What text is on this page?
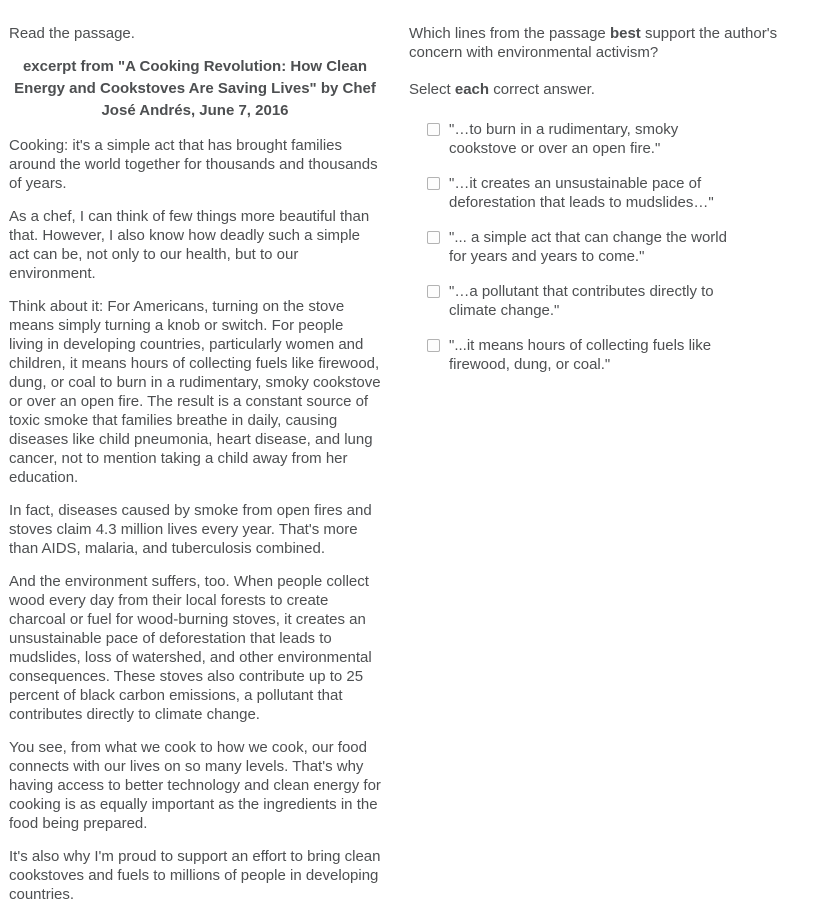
Read the passage.

excerpt from "A Cooking Revolution: How Clean Energy and Cookstoves Are Saving Lives" by Chef José Andrés, June 7, 2016

Cooking: it's a simple act that has brought families around the world together for thousands and thousands of years.

As a chef, I can think of few things more beautiful than that. However, I also know how deadly such a simple act can be, not only to our health, but to our environment.

Think about it: For Americans, turning on the stove means simply turning a knob or switch. For people living in developing countries, particularly women and children, it means hours of collecting fuels like firewood, dung, or coal to burn in a rudimentary, smoky cookstove or over an open fire. The result is a constant source of toxic smoke that families breathe in daily, causing diseases like child pneumonia, heart disease, and lung cancer, not to mention taking a child away from her education.

In fact, diseases caused by smoke from open fires and stoves claim 4.3 million lives every year. That's more than AIDS, malaria, and tuberculosis combined.

And the environment suffers, too. When people collect wood every day from their local forests to create charcoal or fuel for wood-burning stoves, it creates an unsustainable pace of deforestation that leads to mudslides, loss of watershed, and other environmental consequences. These stoves also contribute up to 25 percent of black carbon emissions, a pollutant that contributes directly to climate change.

You see, from what we cook to how we cook, our food connects with our lives on so many levels. That's why having access to better technology and clean energy for cooking is as equally important as the ingredients in the food being prepared.

It's also why I'm proud to support an effort to bring clean cookstoves and fuels to millions of people in developing countries.

Which lines from the passage best support the author's concern with environmental activism?

Select each correct answer.

"…to burn in a rudimentary, smoky cookstove or over an open fire."
"…it creates an unsustainable pace of deforestation that leads to mudslides…"
"... a simple act that can change the world for years and years to come."
"…a pollutant that contributes directly to climate change."
"...it means hours of collecting fuels like firewood, dung, or coal."
